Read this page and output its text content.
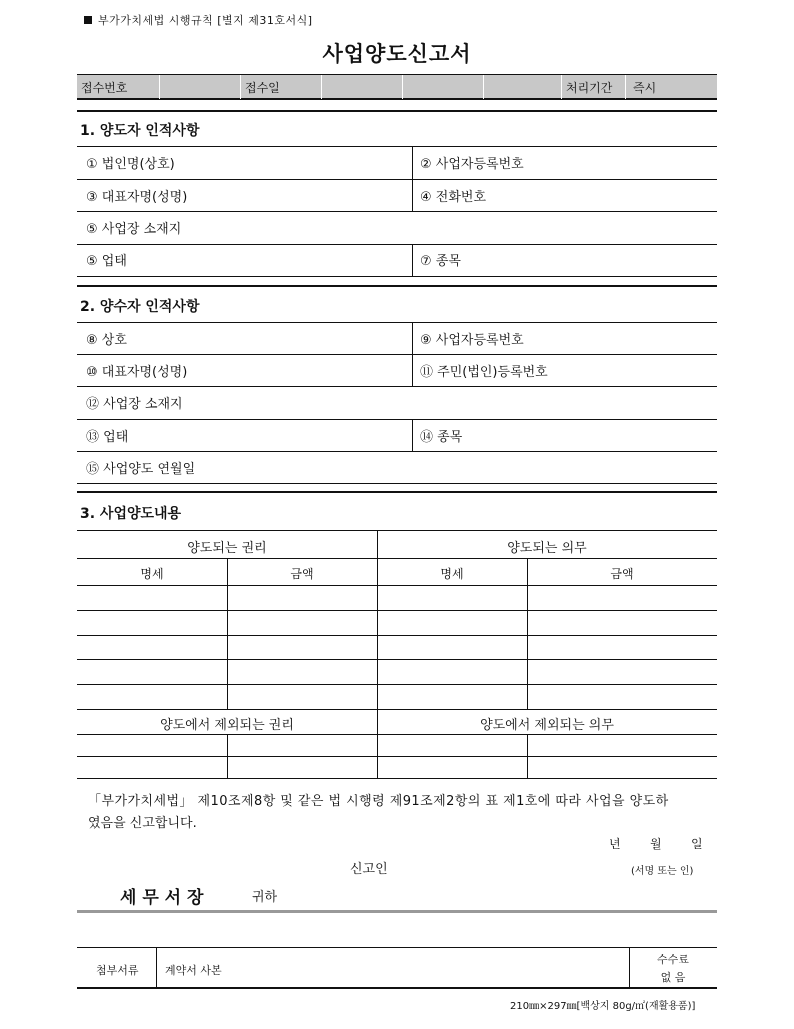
부가가치세법 시행규칙 [별지 제31호서식]
사업양도신고서
접수번호	접수일	처리기간 즉시
1. 양도자 인적사항
① 법인명(상호)	② 사업자등록번호
③ 대표자명(성명)	④ 전화번호
⑤ 사업장 소재지
⑤ 업태	⑦ 종목
2. 양수자 인적사항
⑧ 상호	⑨ 사업자등록번호
⑩ 대표자명(성명)	⑪ 주민(법인)등록번호
⑫ 사업장 소재지
⑬ 업태	⑭ 종목
⑮ 사업양도 연월일
3. 사업양도내용
양도되는 권리	양도되는 의무
명세	금액	명세	금액
양도에서 제외되는 권리	양도에서 제외되는 의무
「부가가치세법」 제10조제8항 및 같은 법 시행령 제91조제2항의 표 제1호에 따라 사업을 양도하
였음을 신고합니다.
년 월 일
신고인	(서명 또는 인)
세 무 서 장	귀하
첨부서류 계약서 사본
수수료
없 음
210㎜×297㎜[백상지 80g/㎡(재활용품)]
